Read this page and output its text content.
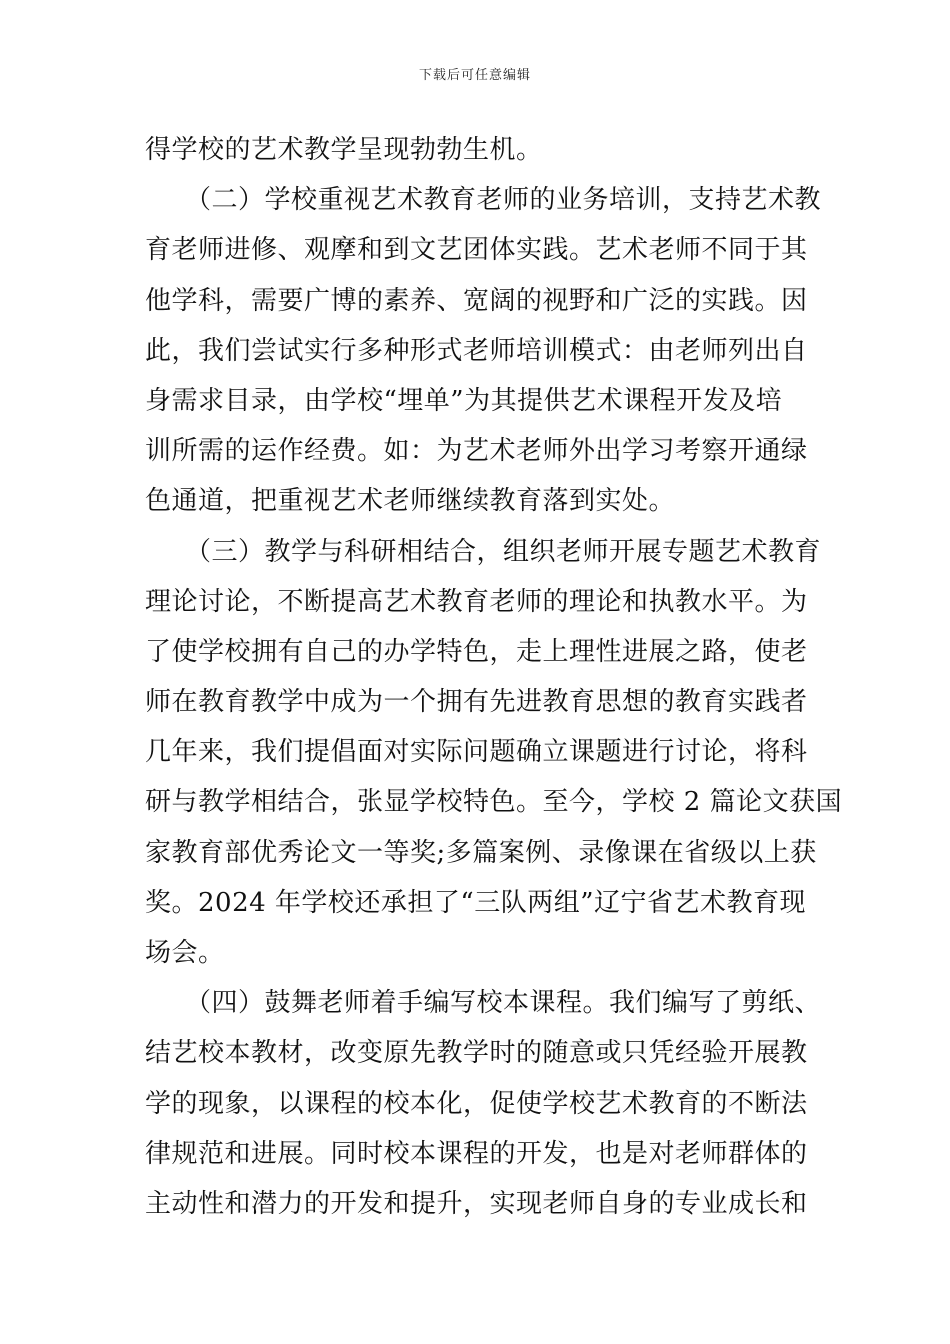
下载后可任意编辑
得学校的艺术教学呈现勃勃生机。
　　（二）学校重视艺术教育老师的业务培训，支持艺术教
育老师进修、观摩和到文艺团体实践。艺术老师不同于其
他学科，需要广博的素养、宽阔的视野和广泛的实践。因
此，我们尝试实行多种形式老师培训模式：由老师列出自
身需求目录，由学校“埋单”为其提供艺术课程开发及培
训所需的运作经费。如：为艺术老师外出学习考察开通绿
色通道，把重视艺术老师继续教育落到实处。
　　（三）教学与科研相结合，组织老师开展专题艺术教育
理论讨论，不断提高艺术教育老师的理论和执教水平。为
了使学校拥有自己的办学特色，走上理性进展之路，使老
师在教育教学中成为一个拥有先进教育思想的教育实践者
几年来，我们提倡面对实际问题确立课题进行讨论，将科
研与教学相结合，张显学校特色。至今，学校 2 篇论文获国
家教育部优秀论文一等奖;多篇案例、录像课在省级以上获
奖。2024 年学校还承担了“三队两组”辽宁省艺术教育现
场会。
　　（四）鼓舞老师着手编写校本课程。我们编写了剪纸、
结艺校本教材，改变原先教学时的随意或只凭经验开展教
学的现象，以课程的校本化，促使学校艺术教育的不断法
律规范和进展。同时校本课程的开发，也是对老师群体的
主动性和潜力的开发和提升，实现老师自身的专业成长和
